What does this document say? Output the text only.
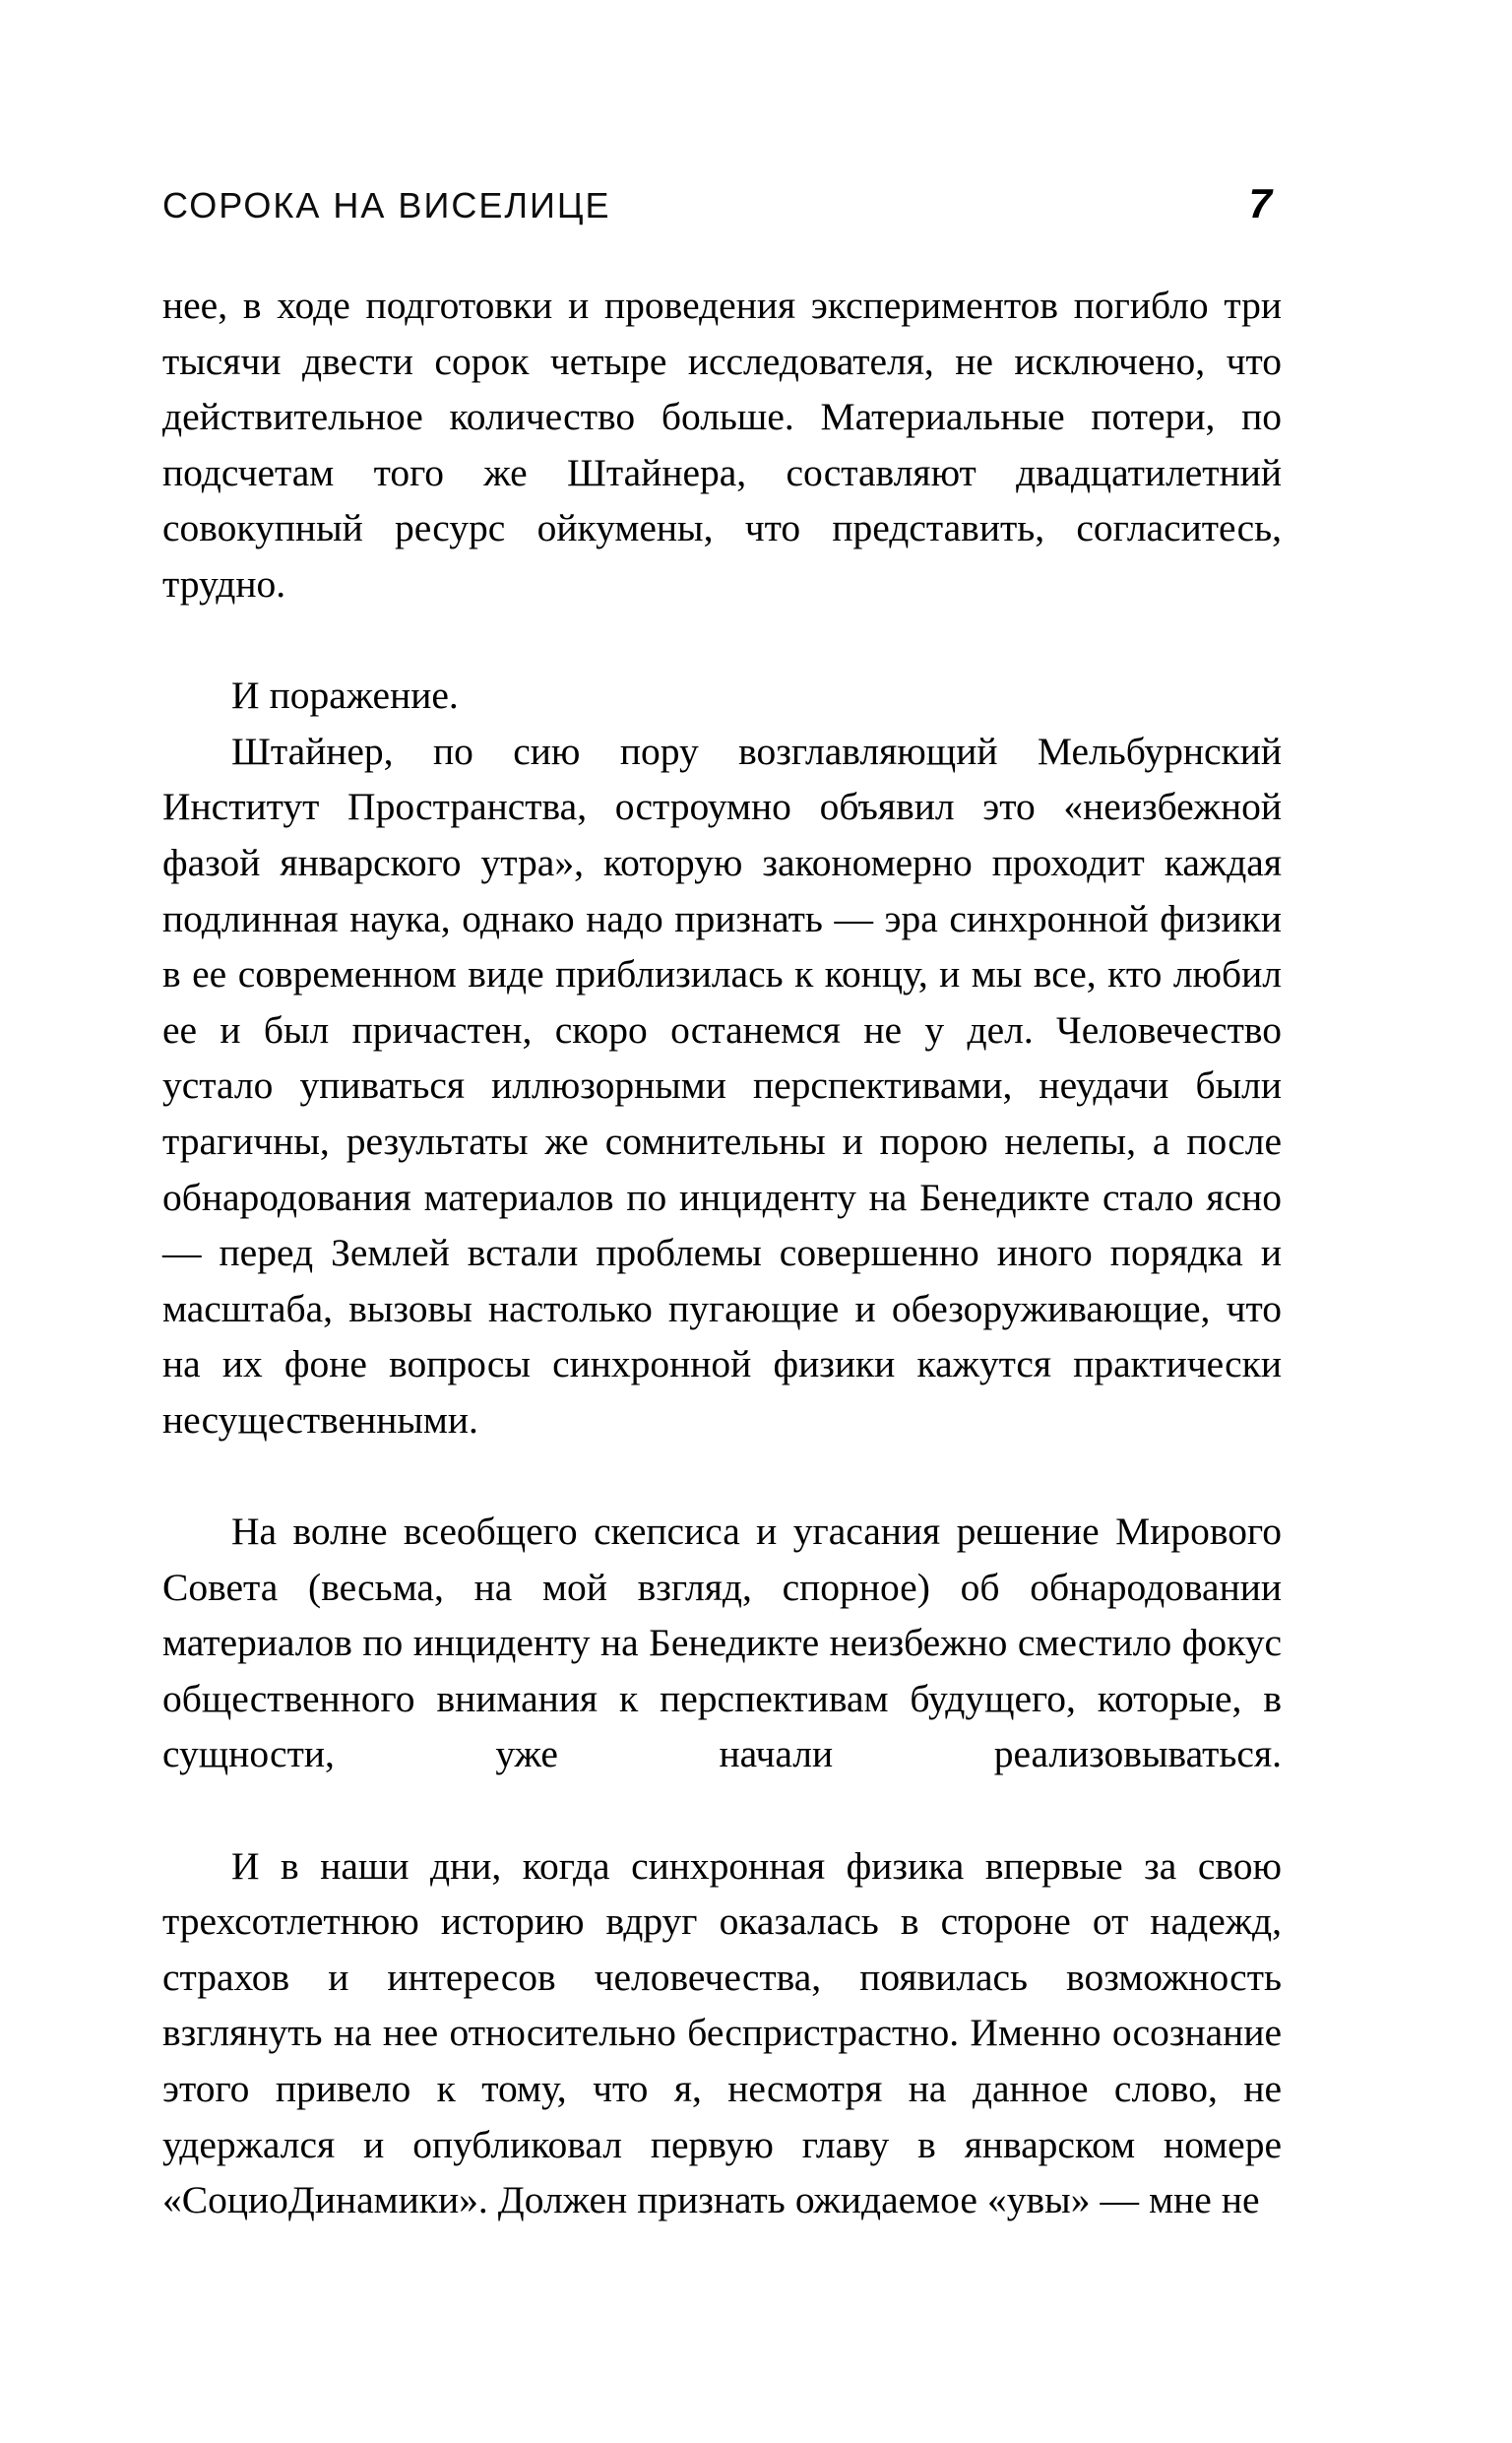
СОРОКА НА ВИСЕЛИЦЕ	7

нее, в ходе подготовки и проведения экспериментов погибло три тысячи двести сорок четыре исследователя, не исключено, что действительное количество больше. Материальные потери, по подсчетам того же Штайнера, составляют двадцатилетний совокупный ресурс ойкумены, что представить, согласитесь, трудно.

И поражение.

Штайнер, по сию пору возглавляющий Мельбурнский Институт Пространства, остроумно объявил это «неизбежной фазой январского утра», которую закономерно проходит каждая подлинная наука, однако надо признать — эра синхронной физики в ее современном виде приблизилась к концу, и мы все, кто любил ее и был причастен, скоро останемся не у дел. Человечество устало упиваться иллюзорными перспективами, неудачи были трагичны, результаты же сомнительны и порою нелепы, а после обнародования материалов по инциденту на Бенедикте стало ясно — перед Землей встали проблемы совершенно иного порядка и масштаба, вызовы настолько пугающие и обезоруживающие, что на их фоне вопросы синхронной физики кажутся практически несущественными.

На волне всеобщего скепсиса и угасания решение Мирового Совета (весьма, на мой взгляд, спорное) об обнародовании материалов по инциденту на Бенедикте неизбежно сместило фокус общественного внимания к перспективам будущего, которые, в сущности, уже начали реализовываться.

И в наши дни, когда синхронная физика впервые за свою трехсотлетнюю историю вдруг оказалась в стороне от надежд, страхов и интересов человечества, появилась возможность взглянуть на нее относительно беспристрастно. Именно осознание этого привело к тому, что я, несмотря на данное слово, не удержался и опубликовал первую главу в январском номере «СоциоДинамики». Должен признать ожидаемое «увы» — мне не
